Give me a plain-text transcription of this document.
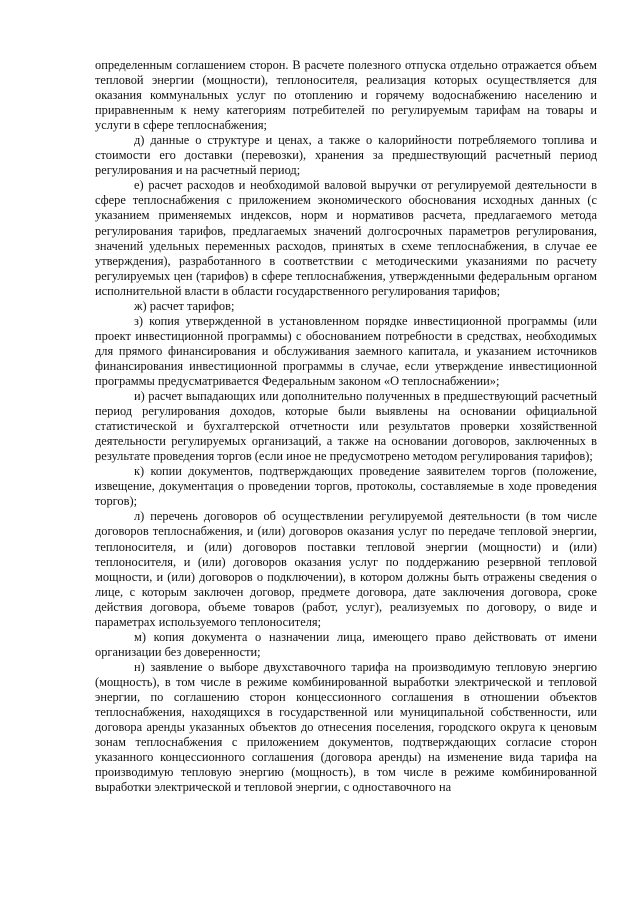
определенным соглашением сторон. В расчете полезного отпуска отдельно отражается объем тепловой энергии (мощности), теплоносителя, реализация которых осуществляется для оказания коммунальных услуг по отоплению и горячему водоснабжению населению и приравненным к нему категориям потребителей по регулируемым тарифам на товары и услуги в сфере теплоснабжения;

д) данные о структуре и ценах, а также о калорийности потребляемого топлива и стоимости его доставки (перевозки), хранения за предшествующий расчетный период регулирования и на расчетный период;

е) расчет расходов и необходимой валовой выручки от регулируемой деятельности в сфере теплоснабжения с приложением экономического обоснования исходных данных (с указанием применяемых индексов, норм и нормативов расчета, предлагаемого метода регулирования тарифов, предлагаемых значений долгосрочных параметров регулирования, значений удельных переменных расходов, принятых в схеме теплоснабжения, в случае ее утверждения), разработанного в соответствии с методическими указаниями по расчету регулируемых цен (тарифов) в сфере теплоснабжения, утвержденными федеральным органом исполнительной власти в области государственного регулирования тарифов;

ж) расчет тарифов;

з) копия утвержденной в установленном порядке инвестиционной программы (или проект инвестиционной программы) с обоснованием потребности в средствах, необходимых для прямого финансирования и обслуживания заемного капитала, и указанием источников финансирования инвестиционной программы в случае, если утверждение инвестиционной программы предусматривается Федеральным законом «О теплоснабжении»;

и) расчет выпадающих или дополнительно полученных в предшествующий расчетный период регулирования доходов, которые были выявлены на основании официальной статистической и бухгалтерской отчетности или результатов проверки хозяйственной деятельности регулируемых организаций, а также на основании договоров, заключенных в результате проведения торгов (если иное не предусмотрено методом регулирования тарифов);

к) копии документов, подтверждающих проведение заявителем торгов (положение, извещение, документация о проведении торгов, протоколы, составляемые в ходе проведения торгов);

л) перечень договоров об осуществлении регулируемой деятельности (в том числе договоров теплоснабжения, и (или) договоров оказания услуг по передаче тепловой энергии, теплоносителя, и (или) договоров поставки тепловой энергии (мощности) и (или) теплоносителя, и (или) договоров оказания услуг по поддержанию резервной тепловой мощности, и (или) договоров о подключении), в котором должны быть отражены сведения о лице, с которым заключен договор, предмете договора, дате заключения договора, сроке действия договора, объеме товаров (работ, услуг), реализуемых по договору, о виде и параметрах используемого теплоносителя;

м) копия документа о назначении лица, имеющего право действовать от имени организации без доверенности;

н) заявление о выборе двухставочного тарифа на производимую тепловую энергию (мощность), в том числе в режиме комбинированной выработки электрической и тепловой энергии, по соглашению сторон концессионного соглашения в отношении объектов теплоснабжения, находящихся в государственной или муниципальной собственности, или договора аренды указанных объектов до отнесения поселения, городского округа к ценовым зонам теплоснабжения с приложением документов, подтверждающих согласие сторон указанного концессионного соглашения (договора аренды) на изменение вида тарифа на производимую тепловую энергию (мощность), в том числе в режиме комбинированной выработки электрической и тепловой энергии, с одноставочного на
